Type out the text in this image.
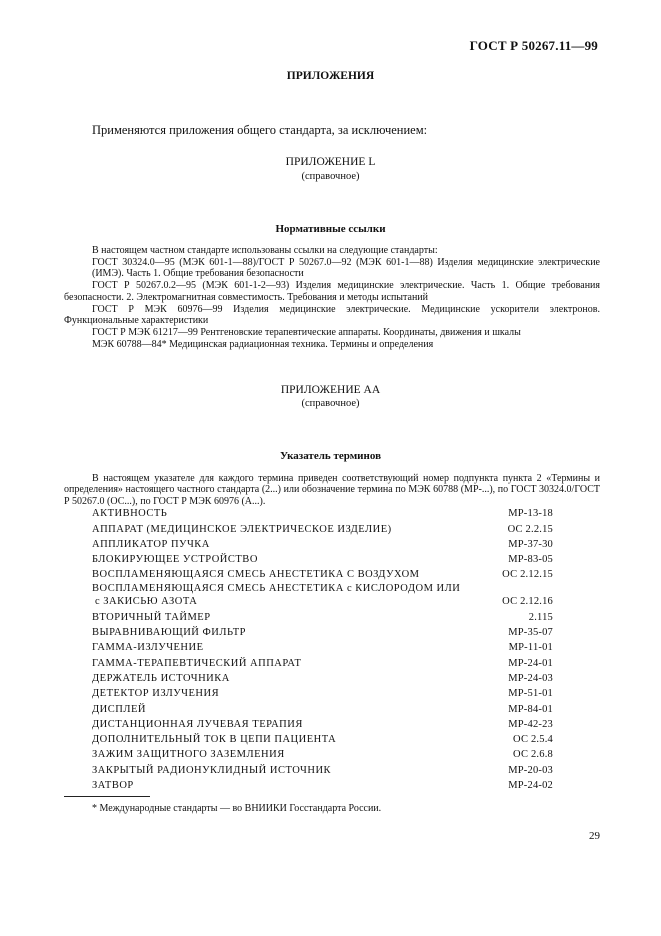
ГОСТ Р 50267.11—99
ПРИЛОЖЕНИЯ
Применяются приложения общего стандарта, за исключением:
ПРИЛОЖЕНИЕ L
(справочное)
Нормативные ссылки
В настоящем частном стандарте использованы ссылки на следующие стандарты:
ГОСТ 30324.0—95 (МЭК 601-1—88)/ГОСТ Р 50267.0—92 (МЭК 601-1—88) Изделия медицинские электрические (ИМЭ). Часть 1. Общие требования безопасности
ГОСТ Р 50267.0.2—95 (МЭК 601-1-2—93) Изделия медицинские электрические. Часть 1. Общие требования безопасности. 2. Электромагнитная совместимость. Требования и методы испытаний
ГОСТ Р МЭК 60976—99 Изделия медицинские электрические. Медицинские ускорители электронов. Функциональные характеристики
ГОСТ Р МЭК 61217—99 Рентгеновские терапевтические аппараты. Координаты, движения и шкалы
МЭК 60788—84* Медицинская радиационная техника. Термины и определения
ПРИЛОЖЕНИЕ АА
(справочное)
Указатель терминов
В настоящем указателе для каждого термина приведен соответствующий номер подпункта пункта 2 «Термины и определения» настоящего частного стандарта (2...) или обозначение термина по МЭК 60788 (МР-...), по ГОСТ 30324.0/ГОСТ Р 50267.0 (ОС...), по ГОСТ Р МЭК 60976 (А...).
АКТИВНОСТЬ	МР-13-18
АППАРАТ (МЕДИЦИНСКОЕ ЭЛЕКТРИЧЕСКОЕ ИЗДЕЛИЕ)	ОС 2.2.15
АППЛИКАТОР ПУЧКА	МР-37-30
БЛОКИРУЮЩЕЕ УСТРОЙСТВО	МР-83-05
ВОСПЛАМЕНЯЮЩАЯСЯ СМЕСЬ АНЕСТЕТИКА С ВОЗДУХОМ	ОС 2.12.15
ВОСПЛАМЕНЯЮЩАЯСЯ СМЕСЬ АНЕСТЕТИКА с КИСЛОРОДОМ ИЛИ
с ЗАКИСЬЮ АЗОТА	ОС 2.12.16
ВТОРИЧНЫЙ ТАЙМЕР	2.115
ВЫРАВНИВАЮЩИЙ ФИЛЬТР	МР-35-07
ГАММА-ИЗЛУЧЕНИЕ	МР-11-01
ГАММА-ТЕРАПЕВТИЧЕСКИЙ АППАРАТ	МР-24-01
ДЕРЖАТЕЛЬ ИСТОЧНИКА	МР-24-03
ДЕТЕКТОР ИЗЛУЧЕНИЯ	МР-51-01
ДИСПЛЕЙ	МР-84-01
ДИСТАНЦИОННАЯ ЛУЧЕВАЯ ТЕРАПИЯ	МР-42-23
ДОПОЛНИТЕЛЬНЫЙ ТОК В ЦЕПИ ПАЦИЕНТА	ОС 2.5.4
ЗАЖИМ ЗАЩИТНОГО ЗАЗЕМЛЕНИЯ	ОС 2.6.8
ЗАКРЫТЫЙ РАДИОНУКЛИДНЫЙ ИСТОЧНИК	МР-20-03
ЗАТВОР	МР-24-02
* Международные стандарты — во ВНИИКИ Госстандарта России.
29
